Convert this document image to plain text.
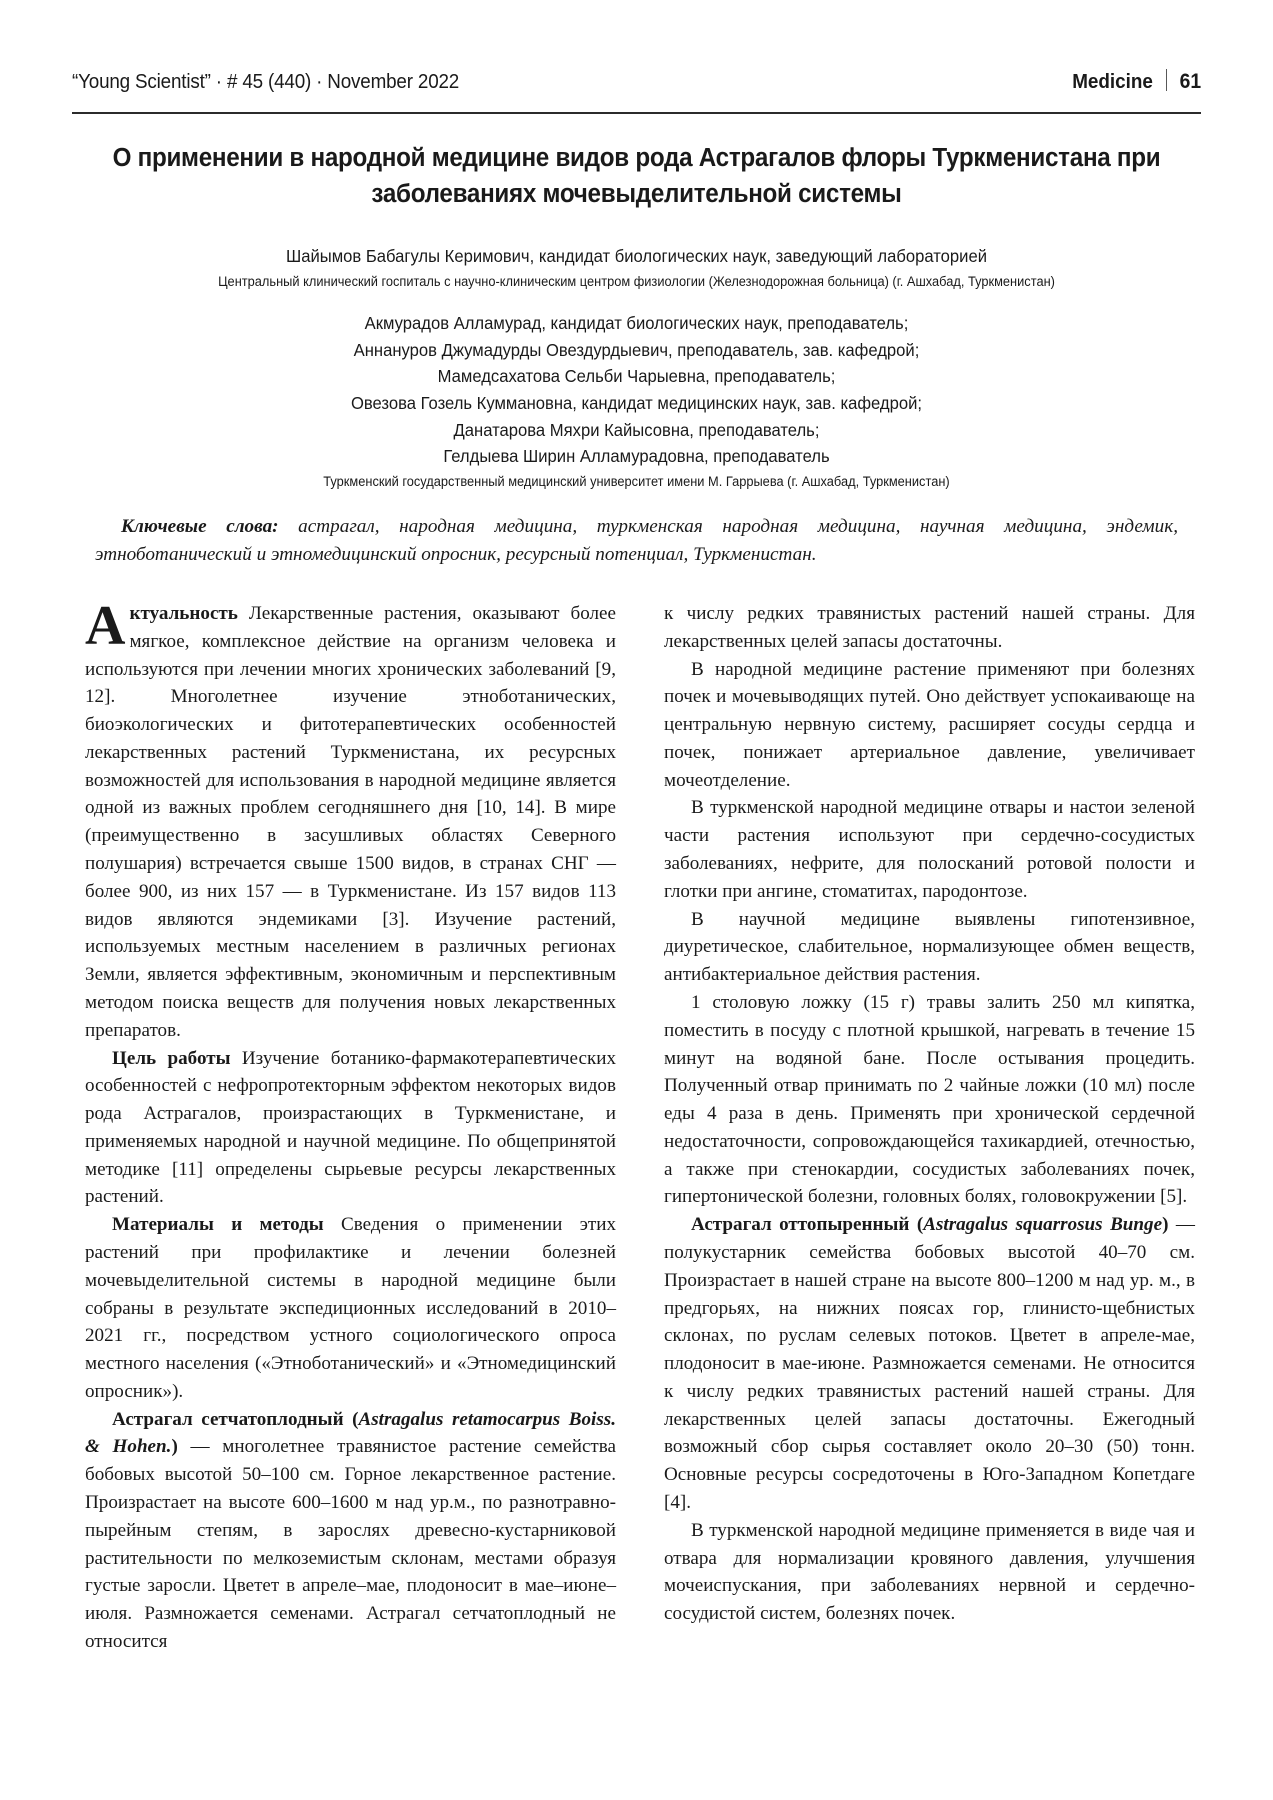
“Young Scientist” · # 45 (440) · November 2022	Medicine 61
О применении в народной медицине видов рода Астрагалов флоры Туркменистана при заболеваниях мочевыделительной системы
Шайымов Бабагулы Керимович, кандидат биологических наук, заведующий лабораторией
Центральный клинический госпиталь с научно-клиническим центром физиологии (Железнодорожная больница) (г. Ашхабад, Туркменистан)
Акмурадов Алламурад, кандидат биологических наук, преподаватель;
Аннануров Джумадурды Овездурдыевич, преподаватель, зав. кафедрой;
Мамедсахатова Сельби Чарыевна, преподаватель;
Овезова Гозель Куммановна, кандидат медицинских наук, зав. кафедрой;
Данатарова Мяхри Кайысовна, преподаватель;
Гелдыева Ширин Алламурадовна, преподаватель
Туркменский государственный медицинский университет имени М. Гаррыева (г. Ашхабад, Туркменистан)
Ключевые слова: астрагал, народная медицина, туркменская народная медицина, научная медицина, эндемик, этноботанический и этномедицинский опросник, ресурсный потенциал, Туркменистан.

Актуальность Лекарственные растения, оказывают более мягкое, комплексное действие на организм человека и используются при лечении многих хронических заболеваний [9, 12]. Многолетнее изучение этноботанических, биоэкологических и фитотерапевтических особенностей лекарственных растений Туркменистана, их ресурсных возможностей для использования в народной медицине является одной из важных проблем сегодняшнего дня [10, 14]. В мире (преимущественно в засушливых областях Северного полушария) встречается свыше 1500 видов, в странах СНГ — более 900, из них 157 — в Туркменистане. Из 157 видов 113 видов являются эндемиками [3]. Изучение растений, используемых местным населением в различных регионах Земли, является эффективным, экономичным и перспективным методом поиска веществ для получения новых лекарственных препаратов.

Цель работы Изучение ботанико-фармакотерапевтических особенностей с нефропротекторным эффектом некоторых видов рода Астрагалов, произрастающих в Туркменистане, и применяемых народной и научной медицине. По общепринятой методике [11] определены сырьевые ресурсы лекарственных растений.

Материалы и методы Сведения о применении этих растений при профилактике и лечении болезней мочевыделительной системы в народной медицине были собраны в результате экспедиционных исследований в 2010–2021 гг., посредством устного социологического опроса местного населения («Этноботанический» и «Этномедицинский опросник»).

Астрагал сетчатоплодный (Astragalus retamocarpus Boiss. & Hohen.) — многолетнее травянистое растение семейства бобовых высотой 50–100 см. Горное лекарственное растение. Произрастает на высоте 600–1600 м над ур.м., по разнотравно-пырейным степям, в зарослях древесно-кустарниковой растительности по мелкоземистым склонам, местами образуя густые заросли. Цветет в апреле–мае, плодоносит в мае–июне–июля. Размножается семенами. Астрагал сетчатоплодный не относится

к числу редких травянистых растений нашей страны. Для лекарственных целей запасы достаточны.

В народной медицине растение применяют при болезнях почек и мочевыводящих путей. Оно действует успокаивающе на центральную нервную систему, расширяет сосуды сердца и почек, понижает артериальное давление, увеличивает мочеотделение.

В туркменской народной медицине отвары и настои зеленой части растения используют при сердечно-сосудистых заболеваниях, нефрите, для полосканий ротовой полости и глотки при ангине, стоматитах, пародонтозе.

В научной медицине выявлены гипотензивное, диуретическое, слабительное, нормализующее обмен веществ, антибактериальное действия растения.

1 столовую ложку (15 г) травы залить 250 мл кипятка, поместить в посуду с плотной крышкой, нагревать в течение 15 минут на водяной бане. После остывания процедить. Полученный отвар принимать по 2 чайные ложки (10 мл) после еды 4 раза в день. Применять при хронической сердечной недостаточности, сопровождающейся тахикардией, отечностью, а также при стенокардии, сосудистых заболеваниях почек, гипертонической болезни, головных болях, головокружении [5].

Астрагал оттопыренный (Astragalus squarrosus Bunge) — полукустарник семейства бобовых высотой 40–70 см. Произрастает в нашей стране на высоте 800–1200 м над ур. м., в предгорьях, на нижних поясах гор, глинисто-щебнистых склонах, по руслам селевых потоков. Цветет в апреле-мае, плодоносит в мае-июне. Размножается семенами. Не относится к числу редких травянистых растений нашей страны. Для лекарственных целей запасы достаточны. Ежегодный возможный сбор сырья составляет около 20–30 (50) тонн. Основные ресурсы сосредоточены в Юго-Западном Копетдаге [4].

В туркменской народной медицине применяется в виде чая и отвара для нормализации кровяного давления, улучшения мочеиспускания, при заболеваниях нервной и сердечно-сосудистой систем, болезнях почек.
